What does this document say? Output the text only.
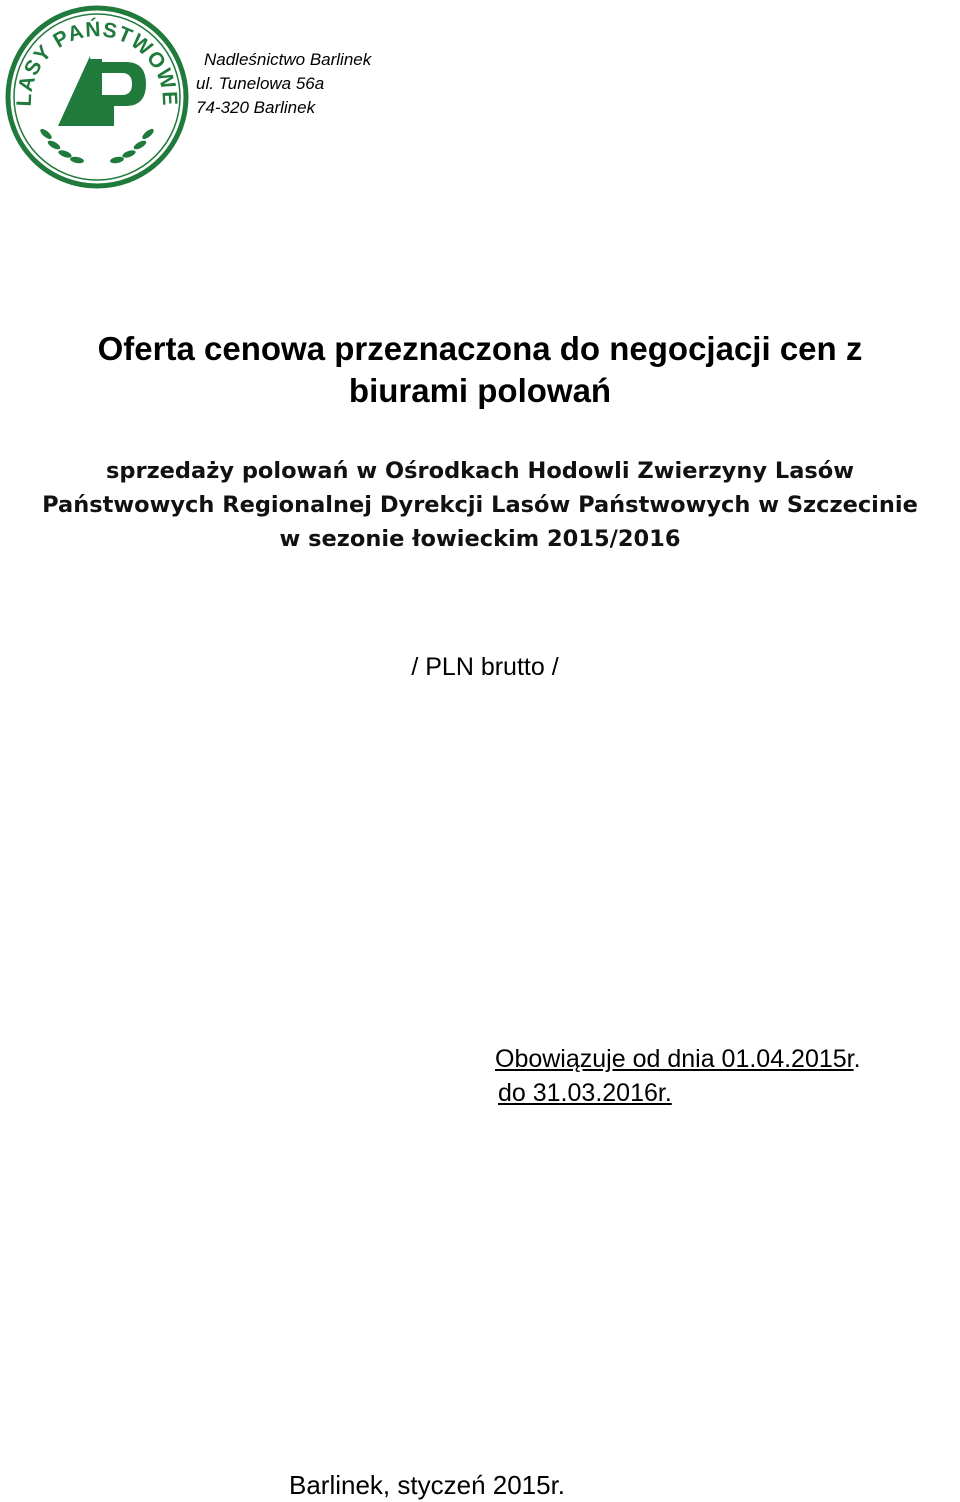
LASY PAŃSTWOWE
Nadleśnictwo Barlinek
ul. Tunelowa 56a
74-320 Barlinek
Oferta cenowa przeznaczona do negocjacji cen z
biurami polowań
sprzedaży polowań w Ośrodkach Hodowli Zwierzyny Lasów
Państwowych Regionalnej Dyrekcji Lasów Państwowych w Szczecinie
w sezonie łowieckim 2015/2016
/ PLN brutto /
Obowiązuje od dnia 01.04.2015r.
do 31.03.2016r.
Barlinek, styczeń 2015r.
